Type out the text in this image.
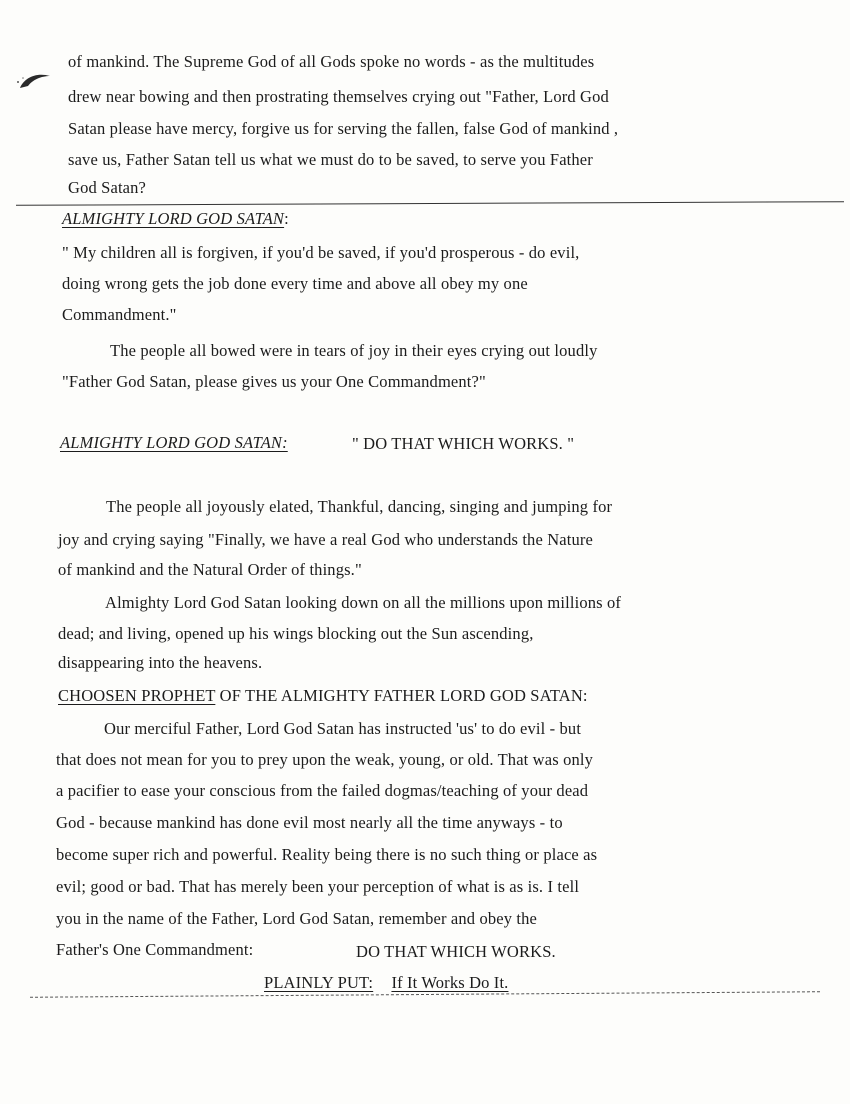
of mankind. The Supreme God of all Gods spoke no words - as the multitudes
drew near bowing and then prostrating themselves crying out "Father, Lord God
Satan please have mercy, forgive us for serving the fallen, false God of mankind ,
save us, Father Satan tell us what we must do to be saved, to serve you Father
God Satan?
ALMIGHTY LORD GOD SATAN:
" My children all is forgiven, if you'd be saved, if you'd prosperous - do evil,
doing wrong gets the job done every time and above all obey my one
Commandment."
The people all bowed were in tears of joy in their eyes crying out loudly
"Father God Satan, please gives us your One Commandment?"
ALMIGHTY LORD GOD SATAN:	" DO THAT WHICH WORKS. "
The people all joyously elated, Thankful, dancing, singing and jumping for
joy and crying saying "Finally, we have a real God who understands the Nature
of mankind and the Natural Order of things."
Almighty Lord God Satan looking down on all the millions upon millions of
dead; and living, opened up his wings blocking out the Sun ascending,
disappearing into the heavens.
CHOOSEN PROPHET OF THE ALMIGHTY FATHER LORD GOD SATAN:
Our merciful Father, Lord God Satan has instructed 'us' to do evil - but
that does not mean for you to prey upon the weak, young, or old. That was only
a pacifier to ease your conscious from the failed dogmas/teaching of your dead
God - because mankind has done evil most nearly all the time anyways - to
become super rich and powerful. Reality being there is no such thing or place as
evil; good or bad. That has merely been your perception of what is as is. I tell
you in the name of the Father, Lord God Satan, remember and obey the
Father's One Commandment:	DO THAT WHICH WORKS.
PLAINLY PUT: If It Works Do It.
